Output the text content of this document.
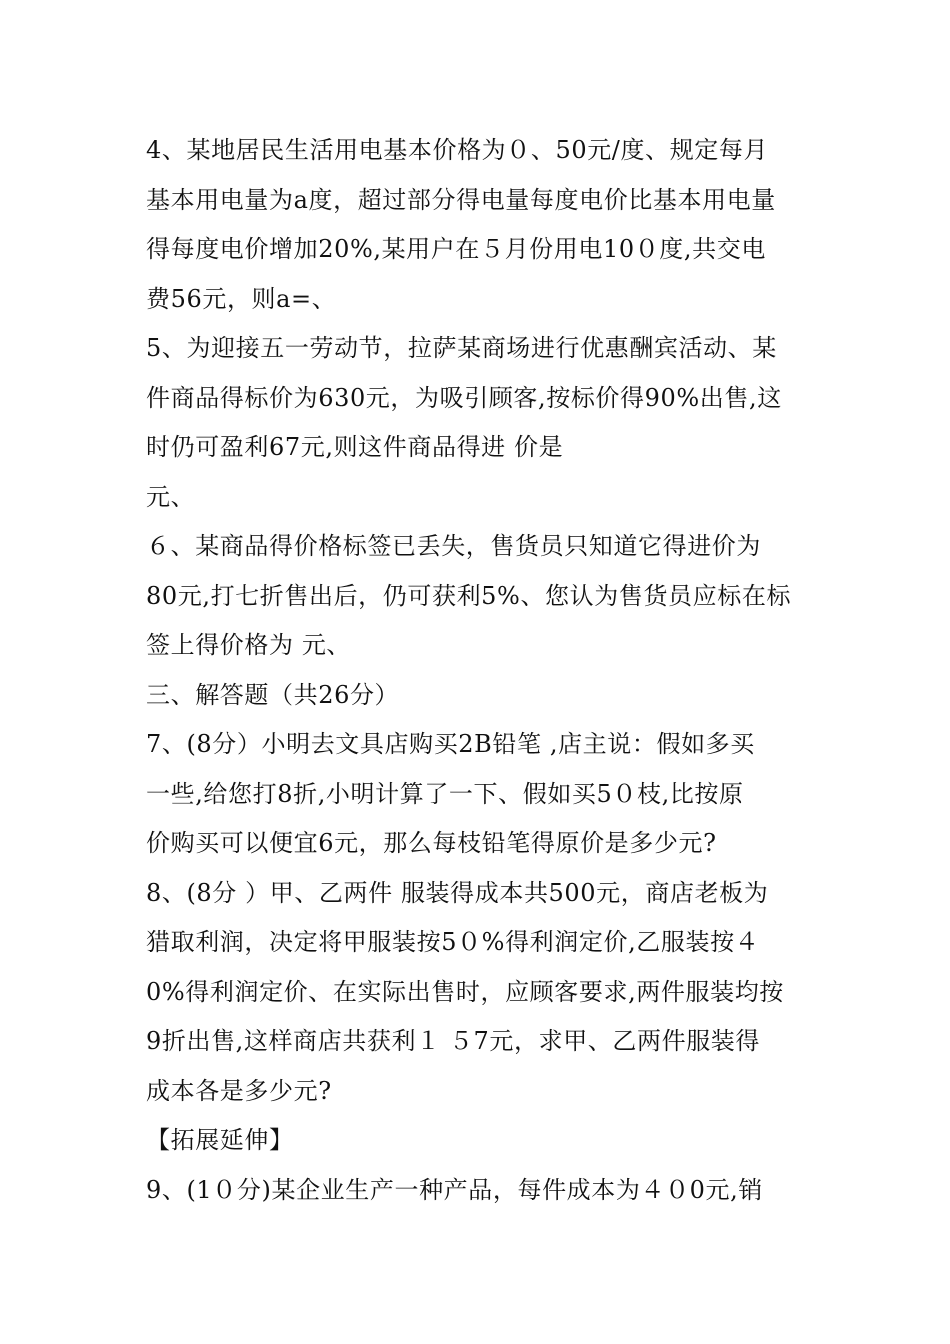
4、某地居民生活用电基本价格为０、50元/度、规定每月
基本用电量为a度，超过部分得电量每度电价比基本用电量
得每度电价增加20%,某用户在５月份用电10０度,共交电
费56元，则a=、
5、为迎接五一劳动节，拉萨某商场进行优惠酬宾活动、某
件商品得标价为630元，为吸引顾客,按标价得90%出售,这
时仍可盈利67元,则这件商品得进 价是
元、
６、某商品得价格标签已丢失，售货员只知道它得进价为
80元,打七折售出后，仍可获利5%、您认为售货员应标在标
签上得价格为 元、
三、解答题（共26分）
7、(8分）小明去文具店购买2B铅笔 ,店主说：假如多买
一些,给您打8折,小明计算了一下、假如买5０枝,比按原
价购买可以便宜6元，那么每枝铅笔得原价是多少元?
8、(8分 ）甲、乙两件 服装得成本共500元，商店老板为
猎取利润，决定将甲服装按5０%得利润定价,乙服装按４
0%得利润定价、在实际出售时，应顾客要求,两件服装均按
9折出售,这样商店共获利１ ５7元，求甲、乙两件服装得
成本各是多少元?
【拓展延伸】
9、(1０分)某企业生产一种产品，每件成本为４０0元,销
